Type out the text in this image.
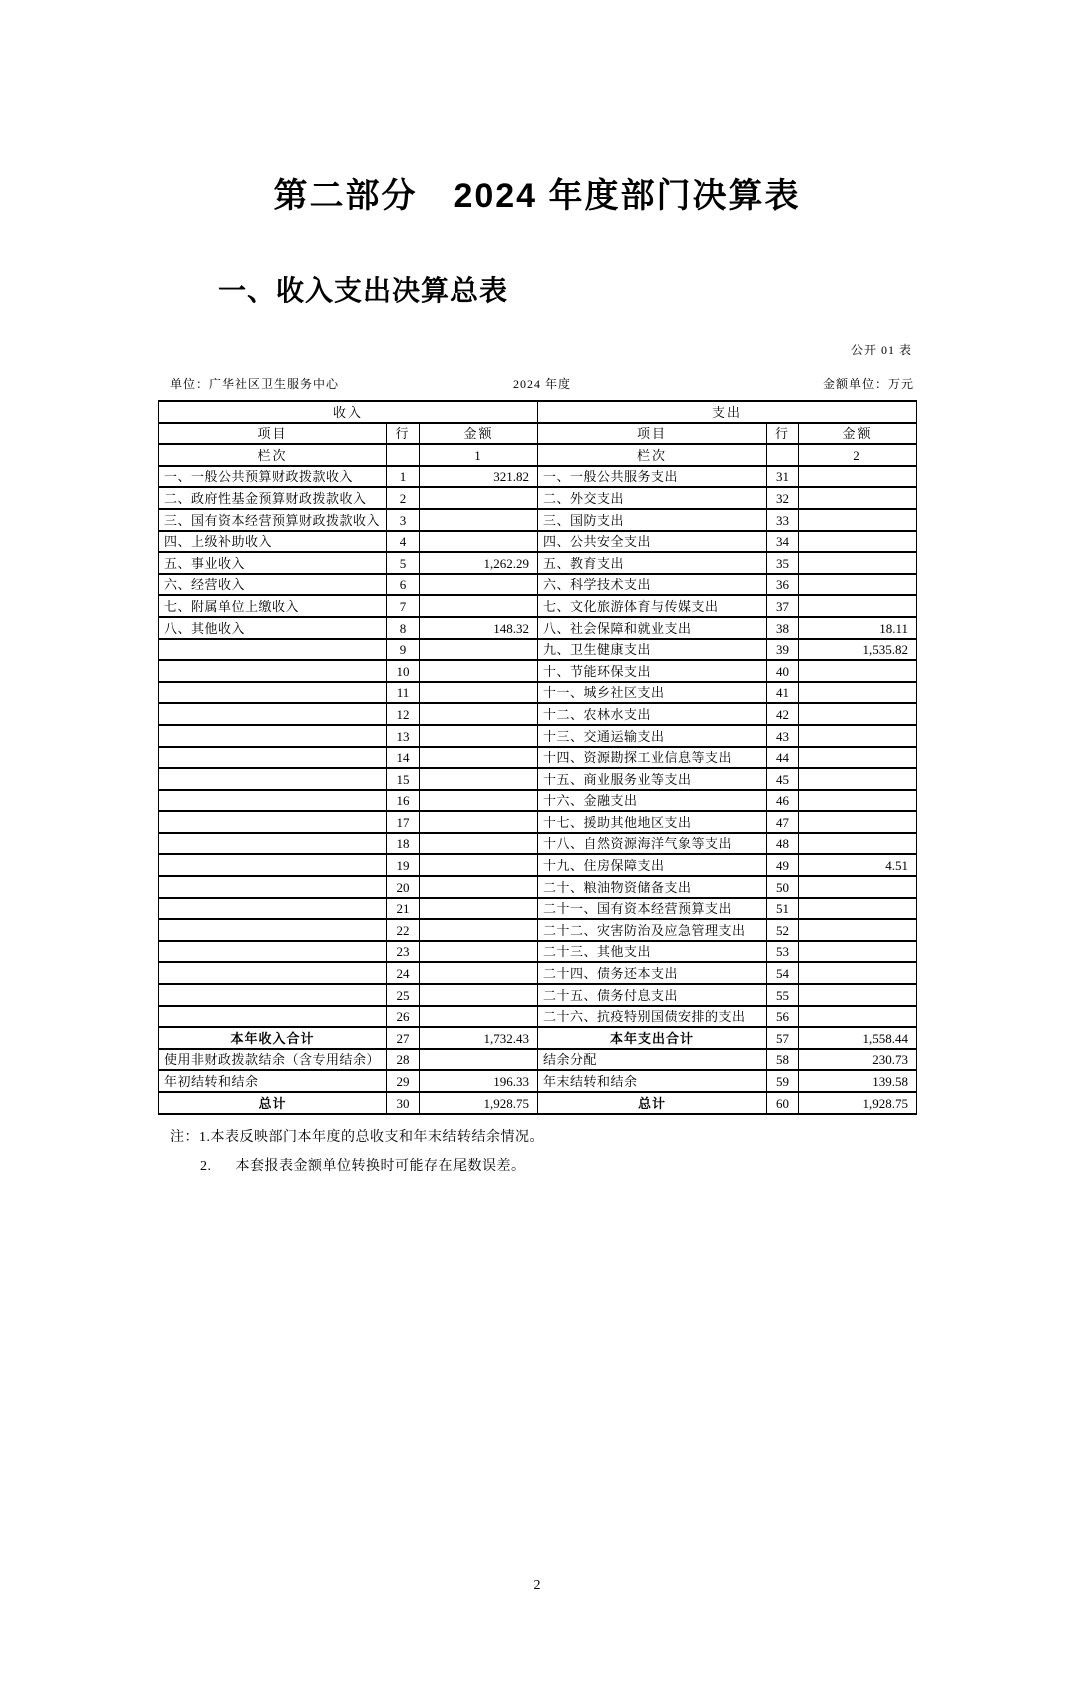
第二部分　2024 年度部门决算表
一、收入支出决算总表
公开 01 表
单位：广华社区卫生服务中心	2024 年度	金额单位：万元
收入			支出		
项目	行	金额	项目	行	金额
栏次		1	栏次		2
一、一般公共预算财政拨款收入	1	321.82	一、一般公共服务支出	31	
二、政府性基金预算财政拨款收入	2		二、外交支出	32	
三、国有资本经营预算财政拨款收入	3		三、国防支出	33	
四、上级补助收入	4		四、公共安全支出	34	
五、事业收入	5	1,262.29	五、教育支出	35	
六、经营收入	6		六、科学技术支出	36	
七、附属单位上缴收入	7		七、文化旅游体育与传媒支出	37	
八、其他收入	8	148.32	八、社会保障和就业支出	38	18.11
	9		九、卫生健康支出	39	1,535.82
	10		十、节能环保支出	40	
	11		十一、城乡社区支出	41	
	12		十二、农林水支出	42	
	13		十三、交通运输支出	43	
	14		十四、资源勘探工业信息等支出	44	
	15		十五、商业服务业等支出	45	
	16		十六、金融支出	46	
	17		十七、援助其他地区支出	47	
	18		十八、自然资源海洋气象等支出	48	
	19		十九、住房保障支出	49	4.51
	20		二十、粮油物资储备支出	50	
	21		二十一、国有资本经营预算支出	51	
	22		二十二、灾害防治及应急管理支出	52	
	23		二十三、其他支出	53	
	24		二十四、债务还本支出	54	
	25		二十五、债务付息支出	55	
	26		二十六、抗疫特别国债安排的支出	56	
本年收入合计	27	1,732.43	本年支出合计	57	1,558.44
使用非财政拨款结余（含专用结余）	28		结余分配	58	230.73
年初结转和结余	29	196.33	年末结转和结余	59	139.58
总计	30	1,928.75	总计	60	1,928.75
注：1.本表反映部门本年度的总收支和年末结转结余情况。
2. 本套报表金额单位转换时可能存在尾数误差。
2
